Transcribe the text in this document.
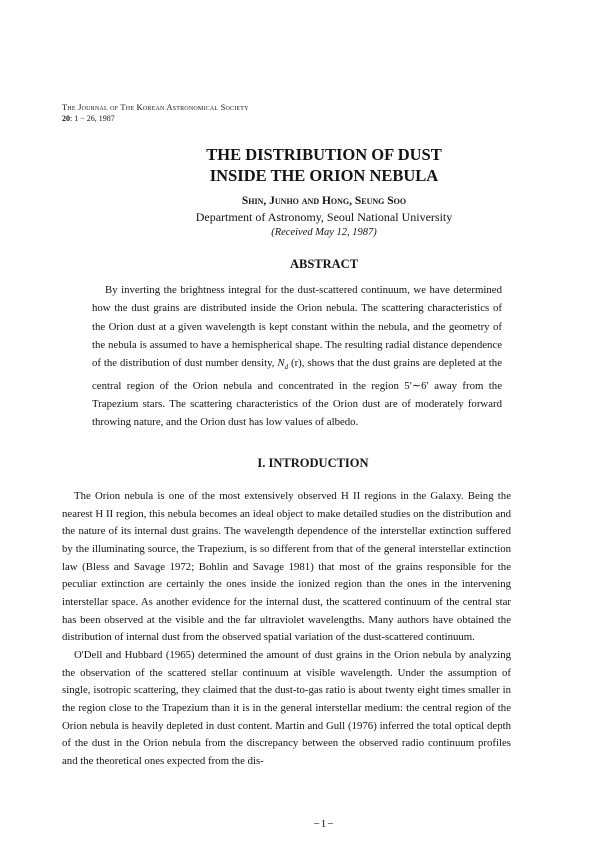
The Journal of The Korean Astronomical Society
20: 1 − 26, 1987
THE DISTRIBUTION OF DUST
INSIDE THE ORION NEBULA
Shin, Junho and Hong, Seung Soo
Department of Astronomy, Seoul National University
(Received May 12, 1987)
ABSTRACT
By inverting the brightness integral for the dust-scattered continuum, we have determined how the dust grains are distributed inside the Orion nebula. The scattering characteristics of the Orion dust at a given wavelength is kept constant within the nebula, and the geometry of the nebula is assumed to have a hemispherical shape. The resulting radial distance dependence of the distribution of dust number density, $N_d$ (r), shows that the dust grains are depleted at the central region of the Orion nebula and concentrated in the region 5′∼6′ away from the Trapezium stars. The scattering characteristics of the Orion dust are of moderately forward throwing nature, and the Orion dust has low values of albedo.
I. INTRODUCTION

The Orion nebula is one of the most extensively observed H II regions in the Galaxy. Being the nearest H II region, this nebula becomes an ideal object to make detailed studies on the distribution and the nature of its internal dust grains. The wavelength dependence of the interstellar extinction suffered by the illuminating source, the Trapezium, is so different from that of the general interstellar extinction law (Bless and Savage 1972; Bohlin and Savage 1981) that most of the grains responsible for the peculiar extinction are certainly the ones inside the ionized region than the ones in the intervening interstellar space. As another evidence for the internal dust, the scattered continuum of the central star has been observed at the visible and the far ultraviolet wavelengths. Many authors have obtained the distribution of internal dust from the observed spatial variation of the dust-scattered continuum.

O'Dell and Hubbard (1965) determined the amount of dust grains in the Orion nebula by analyzing the observation of the scattered stellar continuum at visible wavelength. Under the assumption of single, isotropic scattering, they claimed that the dust-to-gas ratio is about twenty eight times smaller in the region close to the Trapezium than it is in the general interstellar medium: the central region of the Orion nebula is heavily depleted in dust content. Martin and Gull (1976) inferred the total optical depth of the dust in the Orion nebula from the discrepancy between the observed radio continuum profiles and the theoretical ones expected from the dis-

−1−
